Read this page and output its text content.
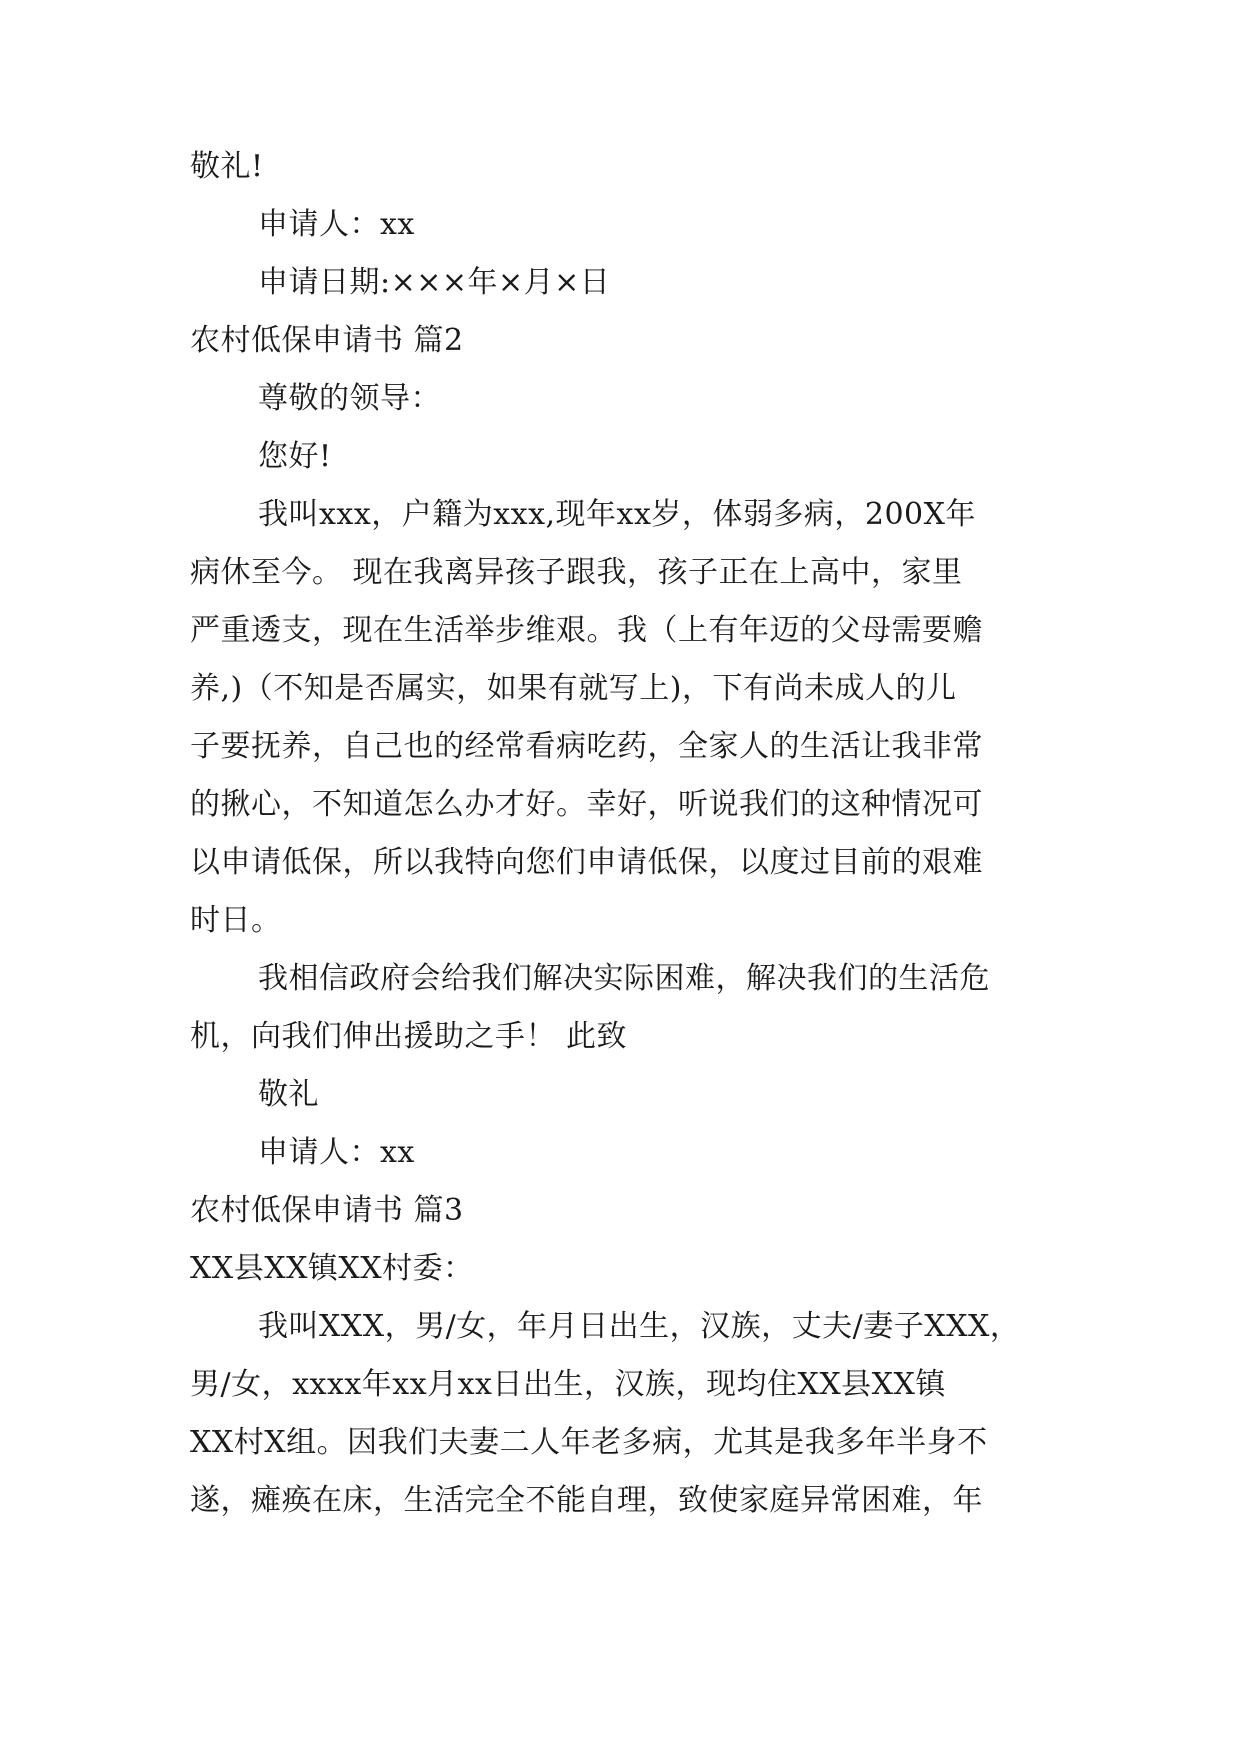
敬礼!
申请人：xx
申请日期:×××年×月×日
农村低保申请书 篇2
尊敬的领导：
您好!
我叫xxx，户籍为xxx,现年xx岁，体弱多病，200X年
病休至今。 现在我离异孩子跟我，孩子正在上高中，家里
严重透支，现在生活举步维艰。我（上有年迈的父母需要赡
养,)（不知是否属实，如果有就写上)，下有尚未成人的儿
子要抚养，自己也的经常看病吃药，全家人的生活让我非常
的揪心，不知道怎么办才好。幸好，听说我们的这种情况可
以申请低保，所以我特向您们申请低保，以度过目前的艰难
时日。
我相信政府会给我们解决实际困难，解决我们的生活危
机，向我们伸出援助之手！ 此致
敬礼
申请人：xx
农村低保申请书 篇3
XX县XX镇XX村委：
我叫XXX，男/女，年月日出生，汉族，丈夫/妻子XXX，
男/女，xxxx年xx月xx日出生，汉族，现均住XX县XX镇
XX村X组。因我们夫妻二人年老多病，尤其是我多年半身不
遂，瘫痪在床，生活完全不能自理，致使家庭异常困难，年
